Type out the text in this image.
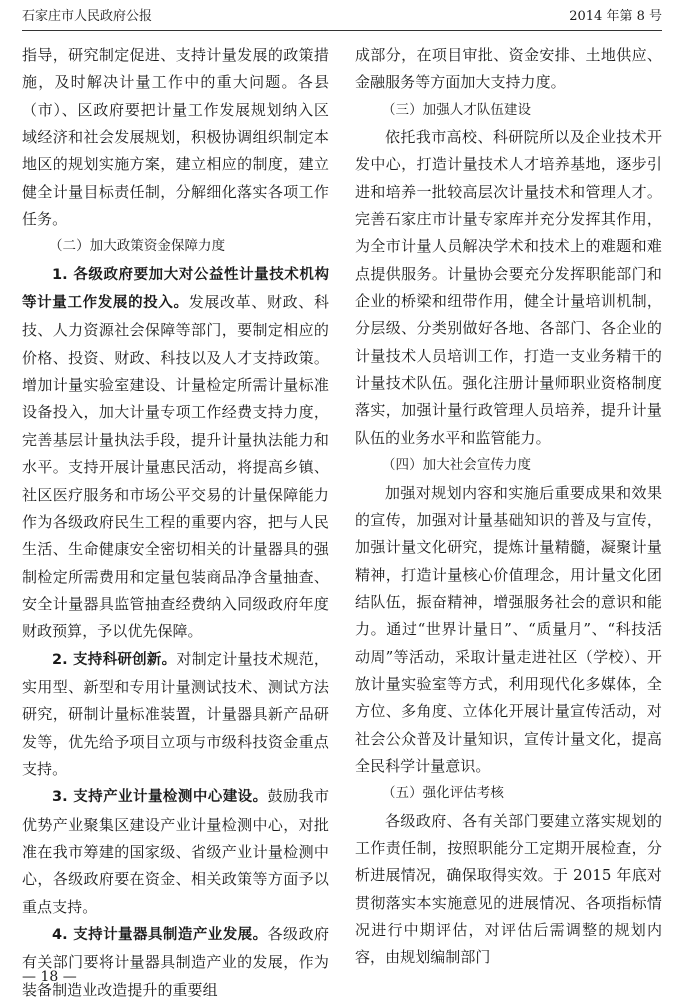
石家庄市人民政府公报	2014 年第 8 号

指导，研究制定促进、支持计量发展的政策措施，及时解决计量工作中的重大问题。各县（市）、区政府要把计量工作发展规划纳入区域经济和社会发展规划，积极协调组织制定本地区的规划实施方案，建立相应的制度，建立健全计量目标责任制，分解细化落实各项工作任务。

（二）加大政策资金保障力度

1. 各级政府要加大对公益性计量技术机构等计量工作发展的投入。发展改革、财政、科技、人力资源社会保障等部门，要制定相应的价格、投资、财政、科技以及人才支持政策。增加计量实验室建设、计量检定所需计量标准设备投入，加大计量专项工作经费支持力度，完善基层计量执法手段，提升计量执法能力和水平。支持开展计量惠民活动，将提高乡镇、社区医疗服务和市场公平交易的计量保障能力作为各级政府民生工程的重要内容，把与人民生活、生命健康安全密切相关的计量器具的强制检定所需费用和定量包装商品净含量抽查、安全计量器具监管抽查经费纳入同级政府年度财政预算，予以优先保障。

2. 支持科研创新。对制定计量技术规范，实用型、新型和专用计量测试技术、测试方法研究，研制计量标准装置，计量器具新产品研发等，优先给予项目立项与市级科技资金重点支持。

3. 支持产业计量检测中心建设。鼓励我市优势产业聚集区建设产业计量检测中心，对批准在我市筹建的国家级、省级产业计量检测中心，各级政府要在资金、相关政策等方面予以重点支持。

4. 支持计量器具制造产业发展。各级政府有关部门要将计量器具制造产业的发展，作为装备制造业改造提升的重要组

成部分，在项目审批、资金安排、土地供应、金融服务等方面加大支持力度。

（三）加强人才队伍建设

依托我市高校、科研院所以及企业技术开发中心，打造计量技术人才培养基地，逐步引进和培养一批较高层次计量技术和管理人才。完善石家庄市计量专家库并充分发挥其作用，为全市计量人员解决学术和技术上的难题和难点提供服务。计量协会要充分发挥职能部门和企业的桥梁和纽带作用，健全计量培训机制，分层级、分类别做好各地、各部门、各企业的计量技术人员培训工作，打造一支业务精干的计量技术队伍。强化注册计量师职业资格制度落实，加强计量行政管理人员培养，提升计量队伍的业务水平和监管能力。

（四）加大社会宣传力度

加强对规划内容和实施后重要成果和效果的宣传，加强对计量基础知识的普及与宣传，加强计量文化研究，提炼计量精髓，凝聚计量精神，打造计量核心价值理念，用计量文化团结队伍，振奋精神，增强服务社会的意识和能力。通过“世界计量日”、“质量月”、“科技活动周”等活动，采取计量走进社区（学校）、开放计量实验室等方式，利用现代化多媒体，全方位、多角度、立体化开展计量宣传活动，对社会公众普及计量知识，宣传计量文化，提高全民科学计量意识。

（五）强化评估考核

各级政府、各有关部门要建立落实规划的工作责任制，按照职能分工定期开展检查，分析进展情况，确保取得实效。于 2015 年底对贯彻落实本实施意见的进展情况、各项指标情况进行中期评估，对评估后需调整的规划内容，由规划编制部门

— 18 —
